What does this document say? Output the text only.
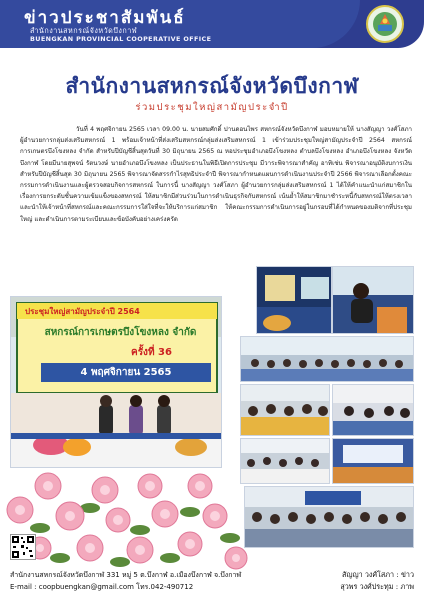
ข่าวประชาสัมพันธ์
สำนักงานสหกรณ์จังหวัดบึงกาฬ
BUENGKAN PROVINCIAL COOPERATIVE OFFICE
สำนักงานสหกรณ์จังหวัดบึงกาฬ
ร่วมประชุมใหญ่สามัญประจำปี
วันที่ 4 พฤศจิกายน 2565 เวลา 09.00 น. นายสมศักดิ์ ปานดอนไพร สหกรณ์จังหวัดบึงกาฬ มอบหมายให้ นางสัญญา วงศ์โสภา ผู้อำนวยการกลุ่มส่งเสริมสหกรณ์ 1 พร้อมเจ้าหน้าที่ส่งเสริมสหกรณ์กลุ่มส่งเสริมสหกรณ์ 1 เข้าร่วมประชุมใหญ่สามัญประจำปี 2564 สหกรณ์การเกษตรบึงโขงหลง จำกัด สำหรับปีบัญชีสิ้นสุดวันที่ 30 มิถุนายน 2565 ณ หอประชุมอำเภอบึงโขงหลง ตำบลบึงโขงหลง อำเภอบึงโขงหลง จังหวัดบึงกาฬ โดยมีนายสุพจน์ รัตนวงษ์ นายอำเภอบึงโขงหลง เป็นประธานในพิธีเปิดการประชุม มีวาระพิจารณาสำคัญ อาทิเช่น พิจารณาอนุมัติงบการเงินสำหรับปีบัญชีสิ้นสุด 30 มิถุนายน 2565 พิจารณาจัดสรรกำไรสุทธิประจำปี พิจารณากำหนดแผนการดำเนินงานประจำปี 2566 พิจารณาเลือกตั้งคณะกรรมการดำเนินงานและผู้ตรวจสอบกิจการสหกรณ์ ในการนี้ นางสัญญา วงศ์โสภา ผู้อำนวยการกลุ่มส่งเสริมสหกรณ์ 1 ได้ให้คำแนะนำแก่สมาชิกในเรื่องการยกระดับชั้นความเข้มแข็งของสหกรณ์ ให้สมาชิกมีส่วนร่วมในการดำเนินธุรกิจกับสหกรณ์ เน้นย้ำให้สมาชิกมาชำระหนี้กับสหกรณ์ให้ตรงเวลา และนำให้เจ้าหน้าที่สหกรณ์และคณะกรรมการใส่ใจที่จะให้บริการแก่สมาชิก ให้คณะกรรมการดำเนินการอยู่ในกรอบที่ได้กำหนดของมติจากที่ประชุมใหญ่ และดำเนินการตามระเบียบและข้อบังคับอย่างเคร่งครัด
ประชุมใหญ่สามัญประจำปี 2564
สหกรณ์การเกษตรบึงโขงหลง จำกัด
ครั้งที่ 36
4 พฤศจิกายน 2565
สำนักงานสหกรณ์จังหวัดบึงกาฬ 331 หมู่ 5 ต.บึงกาฬ อ.เมืองบึงกาฬ จ.บึงกาฬ
E-mail : coopbuengkan@gmail.com โทร.042-490712
สัญญา วงศ์โสภา : ข่าว
สุวพร วงศ์ประทุม : ภาพ
